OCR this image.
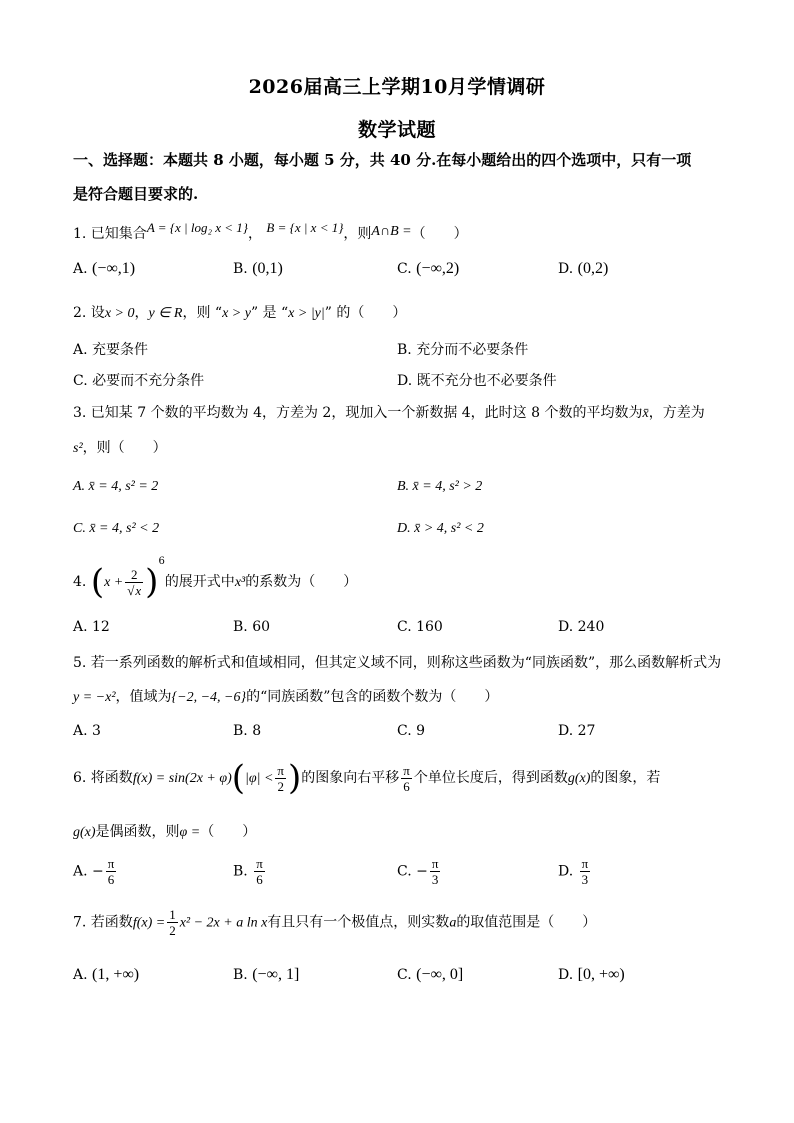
2026届高三上学期10月学情调研
数学试题
一、选择题：本题共 8 小题，每小题 5 分，共 40 分.在每小题给出的四个选项中，只有一项
是符合题目要求的.
1. 已知集合A = {x | log₂ x < 1}， B = {x | x < 1}，则A∩B =（　　）
A. (−∞,1)	B. (0,1)	C. (−∞,2)	D. (0,2)
2. 设x > 0，y ∈ R，则 “x > y” 是 “x > |y|” 的（　　）
A. 充要条件	B. 充分而不必要条件
C. 必要而不充分条件	D. 既不充分也不必要条件
3. 已知某 7 个数的平均数为 4，方差为 2，现加入一个新数据 4，此时这 8 个数的平均数为x̄，方差为
s²，则（　　）
A. x̄ = 4, s² = 2	B. x̄ = 4, s² > 2
C. x̄ = 4, s² < 2	D. x̄ > 4, s² < 2
4. $(x + \frac{2}{√x} )^6$的展开式中x³的系数为（　　）
A. 12	B. 60	C. 160	D. 240
5. 若一系列函数的解析式和值域相同，但其定义域不同，则称这些函数为“同族函数”，那么函数解析式为
y = −x²，值域为{−2, −4, −6}的“同族函数”包含的函数个数为（　　）
A. 3	B. 8	C. 9	D. 27
6. 将函数$f(x) = \sin(2x + \varphi)(|\varphi| < \frac{\pi}{2}$ )的图象向右平移 $\frac{\pi}{6}$ 个单位长度后，得到函数g(x)的图象，若
g(x)是偶函数，则φ =（　　）
A. − $\frac{\pi}{6}$	B. $\frac{\pi}{6}$	C. − $\frac{\pi}{3}$	D. $\frac{\pi}{3}$
7. 若函数$f(x) = \frac{1}{2} x^2 - 2x + a$ ln x有且只有一个极值点，则实数a的取值范围是（　　）
A. (1, +∞)	B. (−∞, 1]	C. (−∞, 0]	D. [0, +∞)
